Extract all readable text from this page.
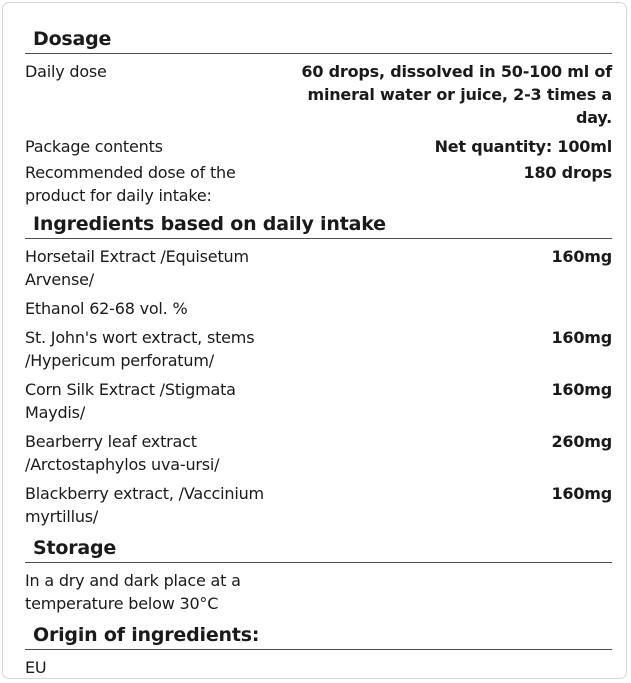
Dosage
Daily dose	60 drops, dissolved in 50-100 ml of mineral water or juice, 2-3 times a day.
Package contents	Net quantity: 100ml
Recommended dose of the product for daily intake:
180 drops
Ingredients based on daily intake
Horsetail Extract /Equisetum Arvense/
160mg
Ethanol 62-68 vol. %
St. John's wort extract, stems /Hypericum perforatum/
160mg
Corn Silk Extract /Stigmata Maydis/
160mg
Bearberry leaf extract /Arctostaphylos uva-ursi/
260mg
Blackberry extract, /Vaccinium myrtillus/
160mg
Storage
In a dry and dark place at a temperature below 30°C
Origin of ingredients:
EU
